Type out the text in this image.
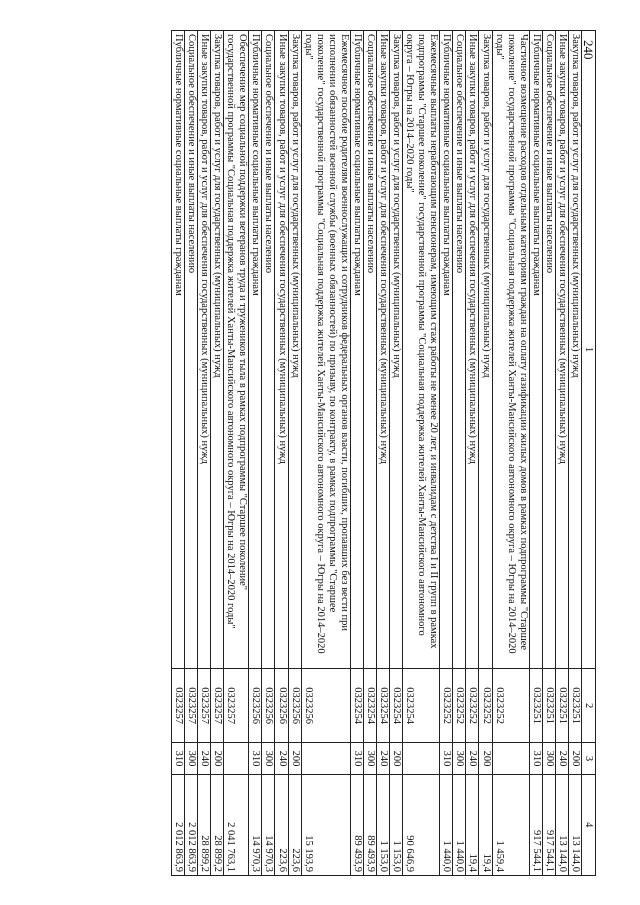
240
1	2	3	4
Закупка товаров, работ и услуг для государственных (муниципальных) нужд	0323251	200	13 144,0
Иные закупки товаров, работ и услуг для обеспечения государственных (муниципальных) нужд	0323251	240	13 144,0
Социальное обеспечение и иные выплаты населению	0323251	300	917 544,1
Публичные нормативные социальные выплаты гражданам	0323251	310	917 544,1
Частичное возмещение расходов отдельным категориям граждан на оплату газификации жилых домов в рамках подпрограммы "Старшее поколение" государственной программы "Социальная поддержка жителей Ханты-Мансийского автономного округа – Югры на 2014–2020 годы"	0323252		1 459,4
Закупка товаров, работ и услуг для государственных (муниципальных) нужд	0323252	200	19,4
Иные закупки товаров, работ и услуг для обеспечения государственных (муниципальных) нужд	0323252	240	19,4
Социальное обеспечение и иные выплаты населению	0323252	300	1 440,0
Публичные нормативные социальные выплаты гражданам	0323252	310	1 440,0
Ежемесячные выплаты неработающим пенсионерам, имеющим стаж работы не менее 20 лет, и инвалидам с детства I и II групп в рамках подпрограммы "Старшее поколение" государственной программы "Социальная поддержка жителей Ханты-Мансийского автономного округа – Югры на 2014–2020 годы"	0323254		90 646,9
Закупка товаров, работ и услуг для государственных (муниципальных) нужд	0323254	200	1 153,0
Иные закупки товаров, работ и услуг для обеспечения государственных (муниципальных) нужд	0323254	240	1 153,0
Социальное обеспечение и иные выплаты населению	0323254	300	89 493,9
Публичные нормативные социальные выплаты гражданам	0323254	310	89 493,9
Ежемесячное пособие родителям военнослужащих и сотрудников федеральных органов власти, погибших, пропавших без вести при исполнении обязанностей военной службы (военных обязанностей) по призыву, по контракту, в рамках подпрограммы "Старшее поколение" государственной программы "Социальная поддержка жителей Ханты-Мансийского автономного округа – Югры на 2014–2020 годы"	0323256		15 193,9
Закупка товаров, работ и услуг для государственных (муниципальных) нужд	0323256	200	223,6
Иные закупки товаров, работ и услуг для обеспечения государственных (муниципальных) нужд	0323256	240	223,6
Социальное обеспечение и иные выплаты населению	0323256	300	14 970,3
Публичные нормативные социальные выплаты гражданам	0323256	310	14 970,3
Обеспечение мер социальной поддержки ветеранов труда и тружеников тыла в рамках подпрограммы "Старшее поколение" государственной программы "Социальная поддержка жителей Ханты-Мансийского автономного округа – Югры на 2014–2020 годы"	0323257		2 041 763,1
Закупка товаров, работ и услуг для государственных (муниципальных) нужд	0323257	200	28 899,2
Иные закупки товаров, работ и услуг для обеспечения государственных (муниципальных) нужд	0323257	240	28 899,2
Социальное обеспечение и иные выплаты населению	0323257	300	2 012 863,9
Публичные нормативные социальные выплаты гражданам	0323257	310	2 012 863,9
